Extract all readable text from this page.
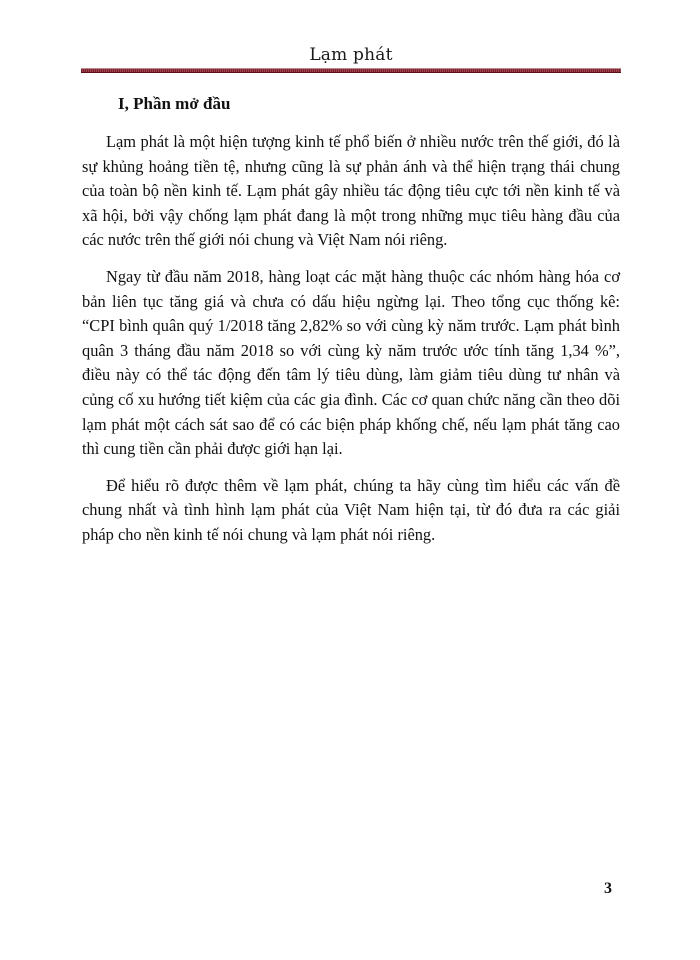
Lạm phát
I, Phần mở đầu

Lạm phát là một hiện tượng kinh tế phổ biến ở nhiều nước trên thế giới, đó là sự khủng hoảng tiền tệ, nhưng cũng là sự phản ánh và thể hiện trạng thái chung của toàn bộ nền kinh tế. Lạm phát gây nhiều tác động tiêu cực tới nền kinh tế và xã hội, bởi vậy chống lạm phát đang là một trong những mục tiêu hàng đầu của các nước trên thế giới nói chung và Việt Nam nói riêng.

Ngay từ đầu năm 2018, hàng loạt các mặt hàng thuộc các nhóm hàng hóa cơ bản liên tục tăng giá và chưa có dấu hiệu ngừng lại. Theo tổng cục thống kê: “CPI bình quân quý 1/2018 tăng 2,82% so với cùng kỳ năm trước. Lạm phát bình quân 3 tháng đầu năm 2018 so với cùng kỳ năm trước ước tính tăng 1,34 %”, điều này có thể tác động đến tâm lý tiêu dùng, làm giảm tiêu dùng tư nhân và củng cố xu hướng tiết kiệm của các gia đình. Các cơ quan chức năng cần theo dõi lạm phát một cách sát sao để có các biện pháp khống chế, nếu lạm phát tăng cao thì cung tiền cần phải được giới hạn lại.

Để hiểu rõ được thêm về lạm phát, chúng ta hãy cùng tìm hiểu các vấn đề chung nhất và tình hình lạm phát của Việt Nam hiện tại, từ đó đưa ra các giải pháp cho nền kinh tế nói chung và lạm phát nói riêng.

3
